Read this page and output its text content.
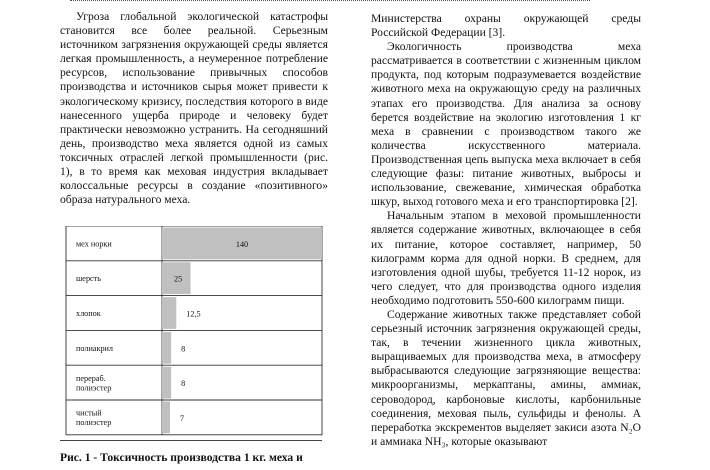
Угроза глобальной экологической катастрофы становится все более реальной. Серьезным источником загрязнения окружающей среды является легкая промышленность, а неумеренное потребление ресурсов, использование привычных способов производства и источников сырья может привести к экологическому кризису, последствия которого в виде нанесенного ущерба природе и человеку будет практически невозможно устранить. На сегодняшний день, производство меха является одной из самых токсичных отраслей легкой промышленности (рис. 1), в то время как меховая индустрия вкладывает колоссальные ресурсы в создание «позитивного» образа натурального меха.

мех норки	140
шерсть	25
хлопок	12,5
полиакрил	8
перераб. полиэстер	8
чистый полиэстер	7

Рис. 1 - Токсичность производства 1 кг. меха и

Министерства охраны окружающей среды Российской Федерации [3].

Экологичность производства меха рассматривается в соответствии с жизненным циклом продукта, под которым подразумевается воздействие животного меха на окружающую среду на различных этапах его производства. Для анализа за основу берется воздействие на экологию изготовления 1 кг меха в сравнении с производством такого же количества искусственного материала. Производственная цепь выпуска меха включает в себя следующие фазы: питание животных, выбросы и использование, свежевание, химическая обработка шкур, выход готового меха и его транспортировка [2].

Начальным этапом в меховой промышленности является содержание животных, включающее в себя их питание, которое составляет, например, 50 килограмм корма для одной норки. В среднем, для изготовления одной шубы, требуется 11-12 норок, из чего следует, что для производства одного изделия необходимо подготовить 550-600 килограмм пищи.

Содержание животных также представляет собой серьезный источник загрязнения окружающей среды, так, в течении жизненного цикла животных, выращиваемых для производства меха, в атмосферу выбрасываются следующие загрязняющие вещества: микроорганизмы, меркаптаны, амины, аммиак, сероводород, карбоновые кислоты, карбонильные соединения, меховая пыль, сульфиды и фенолы. А переработка экскрементов выделяет закиси азота N₂O и аммиака NH₃, которые оказывают
